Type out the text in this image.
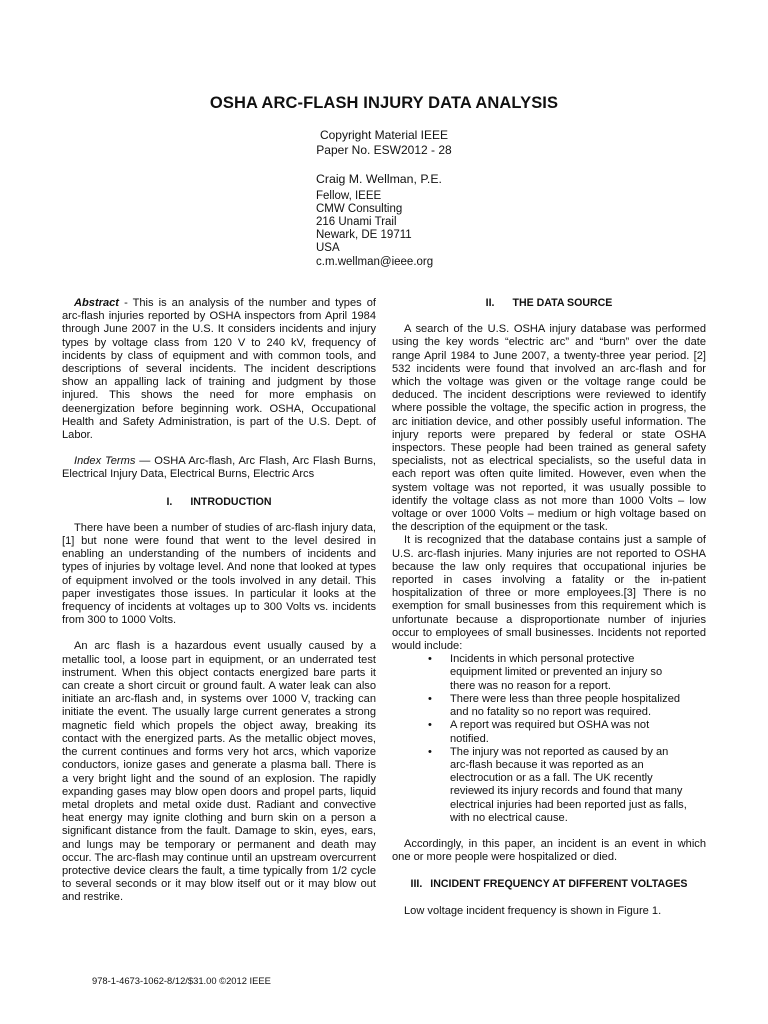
OSHA ARC-FLASH INJURY DATA ANALYSIS
Copyright Material IEEE
Paper No. ESW2012 - 28
Craig M. Wellman, P.E.
Fellow, IEEE
CMW Consulting
216 Unami Trail
Newark, DE 19711
USA
c.m.wellman@ieee.org

Abstract - This is an analysis of the number and types of arc-flash injuries reported by OSHA inspectors from April 1984 through June 2007 in the U.S. It considers incidents and injury types by voltage class from 120 V to 240 kV, frequency of incidents by class of equipment and with common tools, and descriptions of several incidents. The incident descriptions show an appalling lack of training and judgment by those injured. This shows the need for more emphasis on deenergization before beginning work. OSHA, Occupational Health and Safety Administration, is part of the U.S. Dept. of Labor.

Index Terms — OSHA Arc-flash, Arc Flash, Arc Flash Burns, Electrical Injury Data, Electrical Burns, Electric Arcs

I. INTRODUCTION

There have been a number of studies of arc-flash injury data, [1] but none were found that went to the level desired in enabling an understanding of the numbers of incidents and types of injuries by voltage level. And none that looked at types of equipment involved or the tools involved in any detail. This paper investigates those issues. In particular it looks at the frequency of incidents at voltages up to 300 Volts vs. incidents from 300 to 1000 Volts.

An arc flash is a hazardous event usually caused by a metallic tool, a loose part in equipment, or an underrated test instrument. When this object contacts energized bare parts it can create a short circuit or ground fault. A water leak can also initiate an arc-flash and, in systems over 1000 V, tracking can initiate the event. The usually large current generates a strong magnetic field which propels the object away, breaking its contact with the energized parts. As the metallic object moves, the current continues and forms very hot arcs, which vaporize conductors, ionize gases and generate a plasma ball. There is a very bright light and the sound of an explosion. The rapidly expanding gases may blow open doors and propel parts, liquid metal droplets and metal oxide dust. Radiant and convective heat energy may ignite clothing and burn skin on a person a significant distance from the fault. Damage to skin, eyes, ears, and lungs may be temporary or permanent and death may occur. The arc-flash may continue until an upstream overcurrent protective device clears the fault, a time typically from 1/2 cycle to several seconds or it may blow itself out or it may blow out and restrike.

II. THE DATA SOURCE

A search of the U.S. OSHA injury database was performed using the key words “electric arc” and “burn” over the date range April 1984 to June 2007, a twenty-three year period. [2] 532 incidents were found that involved an arc-flash and for which the voltage was given or the voltage range could be deduced. The incident descriptions were reviewed to identify where possible the voltage, the specific action in progress, the arc initiation device, and other possibly useful information. The injury reports were prepared by federal or state OSHA inspectors. These people had been trained as general safety specialists, not as electrical specialists, so the useful data in each report was often quite limited. However, even when the system voltage was not reported, it was usually possible to identify the voltage class as not more than 1000 Volts – low voltage or over 1000 Volts – medium or high voltage based on the description of the equipment or the task.

It is recognized that the database contains just a sample of U.S. arc-flash injuries. Many injuries are not reported to OSHA because the law only requires that occupational injuries be reported in cases involving a fatality or the in-patient hospitalization of three or more employees.[3] There is no exemption for small businesses from this requirement which is unfortunate because a disproportionate number of injuries occur to employees of small businesses. Incidents not reported would include:

• Incidents in which personal protective equipment limited or prevented an injury so there was no reason for a report.
• There were less than three people hospitalized and no fatality so no report was required.
• A report was required but OSHA was not notified.
• The injury was not reported as caused by an arc-flash because it was reported as an electrocution or as a fall. The UK recently reviewed its injury records and found that many electrical injuries had been reported just as falls, with no electrical cause.

Accordingly, in this paper, an incident is an event in which one or more people were hospitalized or died.

III. INCIDENT FREQUENCY AT DIFFERENT VOLTAGES

Low voltage incident frequency is shown in Figure 1.

978-1-4673-1062-8/12/$31.00 ©2012 IEEE
